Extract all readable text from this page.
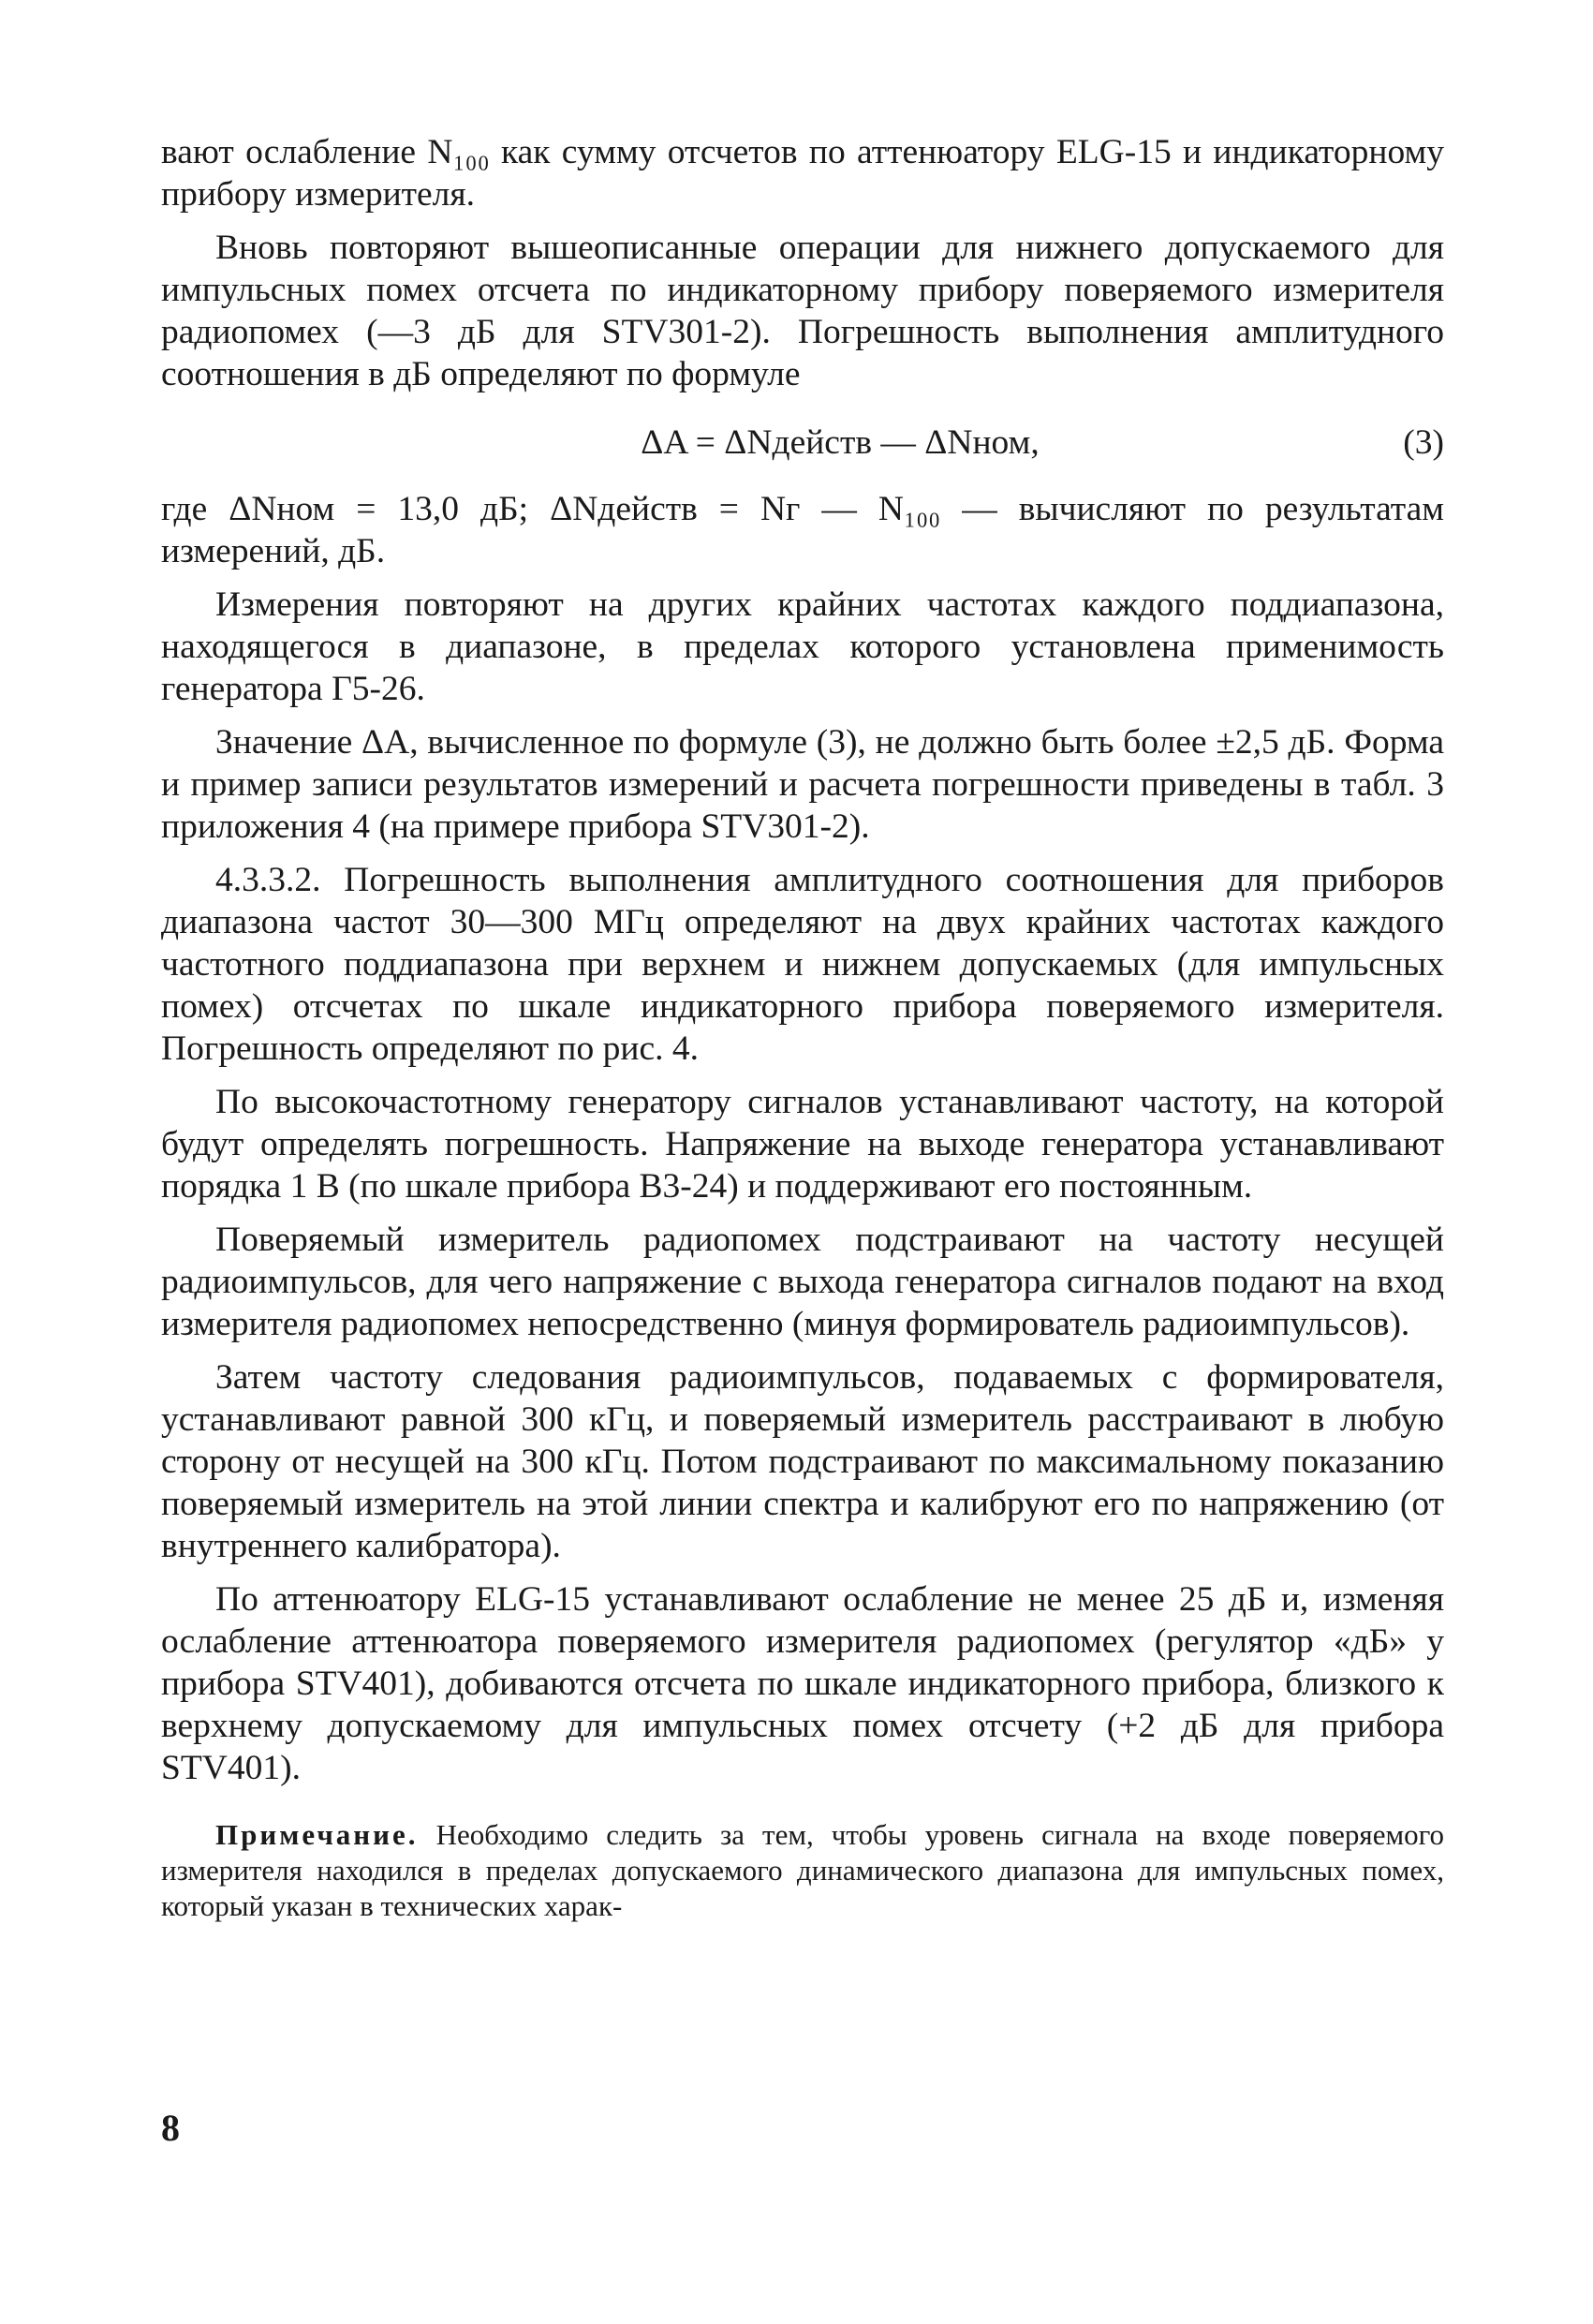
вают ослабление N₁₀₀ как сумму отсчетов по аттенюатору ELG-15 и индикаторному прибору измерителя.

Вновь повторяют вышеописанные операции для нижнего допускаемого для импульсных помех отсчета по индикаторному прибору поверяемого измерителя радиопомех (—3 дБ для STV301-2). Погрешность выполнения амплитудного соотношения в дБ определяют по формуле

ΔA = ΔNдейств — ΔNном,	(3)

где ΔNном = 13,0 дБ; ΔNдейств = Nг — N₁₀₀ — вычисляют по результатам измерений, дБ.

Измерения повторяют на других крайних частотах каждого поддиапазона, находящегося в диапазоне, в пределах которого установлена применимость генератора Г5-26.

Значение ΔA, вычисленное по формуле (3), не должно быть более ±2,5 дБ. Форма и пример записи результатов измерений и расчета погрешности приведены в табл. 3 приложения 4 (на примере прибора STV301-2).

4.3.3.2. Погрешность выполнения амплитудного соотношения для приборов диапазона частот 30—300 МГц определяют на двух крайних частотах каждого частотного поддиапазона при верхнем и нижнем допускаемых (для импульсных помех) отсчетах по шкале индикаторного прибора поверяемого измерителя. Погрешность определяют по рис. 4.

По высокочастотному генератору сигналов устанавливают частоту, на которой будут определять погрешность. Напряжение на выходе генератора устанавливают порядка 1 В (по шкале прибора В3-24) и поддерживают его постоянным.

Поверяемый измеритель радиопомех подстраивают на частоту несущей радиоимпульсов, для чего напряжение с выхода генератора сигналов подают на вход измерителя радиопомех непосредственно (минуя формирователь радиоимпульсов).

Затем частоту следования радиоимпульсов, подаваемых с формирователя, устанавливают равной 300 кГц, и поверяемый измеритель расстраивают в любую сторону от несущей на 300 кГц. Потом подстраивают по максимальному показанию поверяемый измеритель на этой линии спектра и калибруют его по напряжению (от внутреннего калибратора).

По аттенюатору ELG-15 устанавливают ослабление не менее 25 дБ и, изменяя ослабление аттенюатора поверяемого измерителя радиопомех (регулятор «дБ» у прибора STV401), добиваются отсчета по шкале индикаторного прибора, близкого к верхнему допускаемому для импульсных помех отсчету (+2 дБ для прибора STV401).

Примечание. Необходимо следить за тем, чтобы уровень сигнала на входе поверяемого измерителя находился в пределах допускаемого динамического диапазона для импульсных помех, который указан в технических харак-

8
